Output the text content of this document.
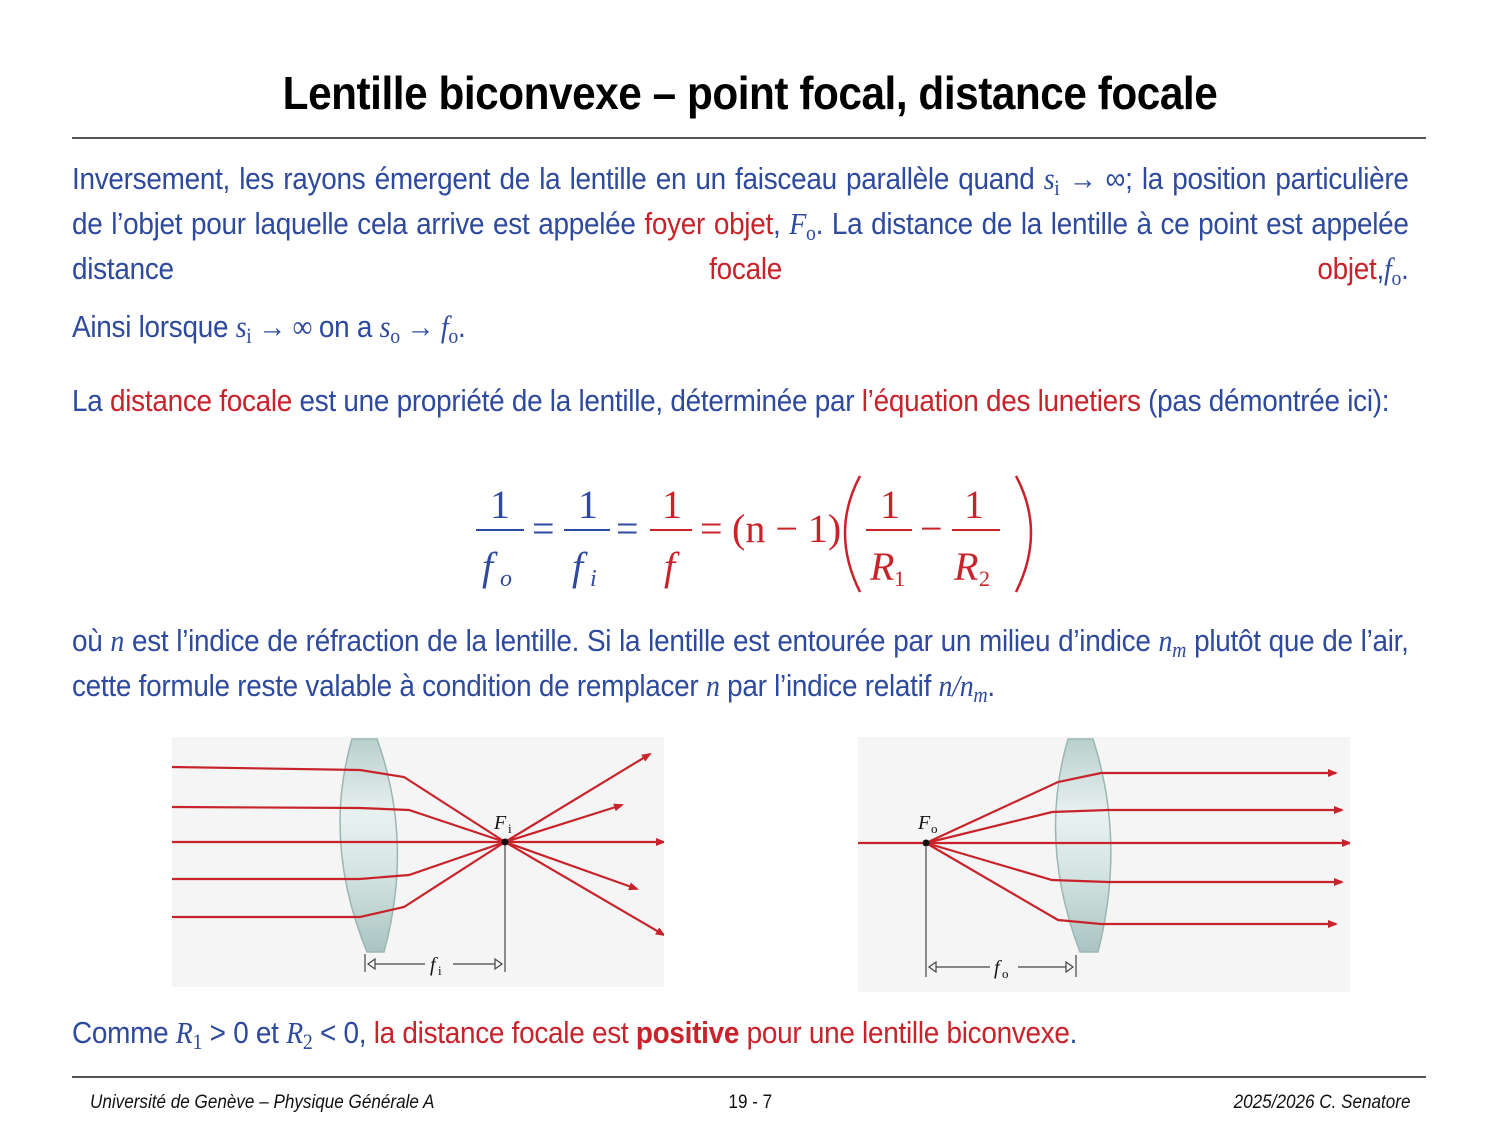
Lentille biconvexe – point focal, distance focale
Inversement, les rayons émergent de la lentille en un faisceau parallèle quand $s_i$ → ∞; la position particulière de l’objet pour laquelle cela arrive est appelée foyer objet, $F_o$. La distance de la lentille à ce point est appelée distance focale $objet,f_o$.
Ainsi lorsque $s_i$ → ∞ on a $s_o \to f_o$.
La distance focale est une propriété de la lentille, déterminée par l’équation des lunetiers (pas démontrée ici):
1
f o
=
1
f i
=
1
f
= (n − 1)
1
R 1
−
1
R 2
où n est l’indice de réfraction de la lentille. Si la lentille est entourée par un milieu d’indice $n_m$ plutôt que de l’air, cette formule reste valable à condition de remplacer n par l’indice relatif $n/n_m$.
F i
f i
F o
f o
Comme $R_1 > 0$ et $R_2 < 0$, la distance focale est positive pour une lentille biconvexe.
Université de Genève – Physique Générale A	19 - 7	2025/2026 C. Senatore
